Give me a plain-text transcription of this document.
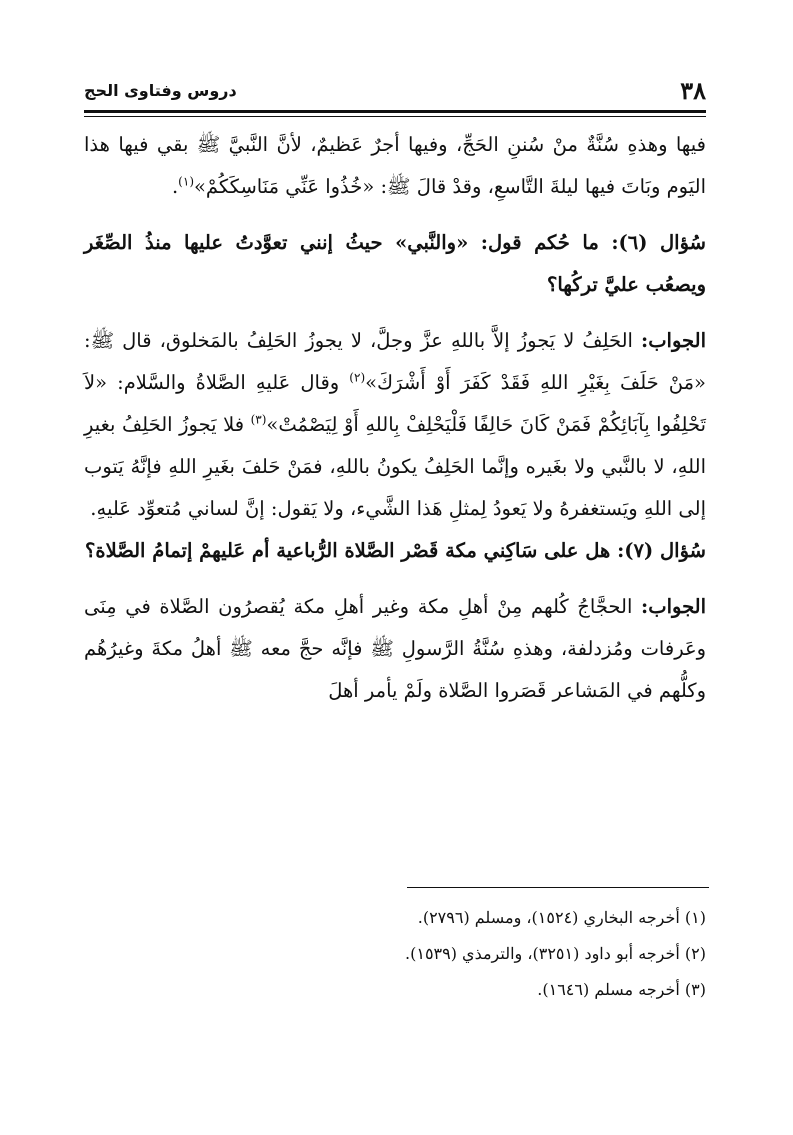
٣٨
دروس وفتاوى الحج

فيها وهذهِ سُنَّةٌ منْ سُننِ الحَجِّ، وفيها أجرٌ عَظيمٌ، لأنَّ النَّبيَّ ﷺ بقي فيها هذا اليَوم وبَاتَ فيها ليلةَ التَّاسعِ، وقدْ قالَ ﷺ: «خُذُوا عَنِّي مَنَاسِكَكُمْ»$^{(١)}$.

سُؤال (٦): ما حُكم قول: «والنَّبي» حيثُ إنني تعوَّدتُ عليها منذُ الصِّغَر ويصعُب عليَّ تركُها؟

الجواب: الحَلِفُ لا يَجوزُ إلاَّ باللهِ عزَّ وجلَّ، لا يجوزُ الحَلِفُ بالمَخلوق، قال ﷺ: «مَنْ حَلَفَ بِغَيْرِ اللهِ فَقَدْ كَفَرَ أَوْ أَشْرَكَ»$^{(٢)}$ وقال عَليهِ الصَّلاةُ والسَّلام: «لاَ تَحْلِفُوا بِآبَائِكُمْ فَمَنْ كَانَ حَالِفًا فَلْيَحْلِفْ بِاللهِ أَوْ لِيَصْمُتْ»$^{(٣)}$ فلا يَجوزُ الحَلِفُ بغيرِ اللهِ، لا بالنَّبي ولا بغَيره وإنَّما الحَلِفُ يكونُ باللهِ، فمَنْ حَلفَ بغَيرِ اللهِ فإنَّهُ يَتوب إلى اللهِ ويَستغفرهُ ولا يَعودُ لِمثلِ هَذا الشَّيء، ولا يَقول: إنَّ لساني مُتعوِّد عَليهِ.

سُؤال (٧): هل على سَاكِني مكة قَصْر الصَّلاة الرُّباعية أم عَليهمْ إتمامُ الصَّلاة؟

الجواب: الحجَّاجُ كُلهم مِنْ أهلِ مكة وغير أهلِ مكة يُقصرُون الصَّلاة في مِنَى وعَرفات ومُزدلفة، وهذهِ سُنَّةُ الرَّسولِ ﷺ فإنَّه حجَّ معه ﷺ أهلُ مكةَ وغيرُهُم وكلُّهم في المَشاعر قَصَروا الصَّلاة ولَمْ يأمر أهلَ

(١) أخرجه البخاري (١٥٢٤)، ومسلم (٢٧٩٦).

(٢) أخرجه أبو داود (٣٢٥١)، والترمذي (١٥٣٩).

(٣) أخرجه مسلم (١٦٤٦).
